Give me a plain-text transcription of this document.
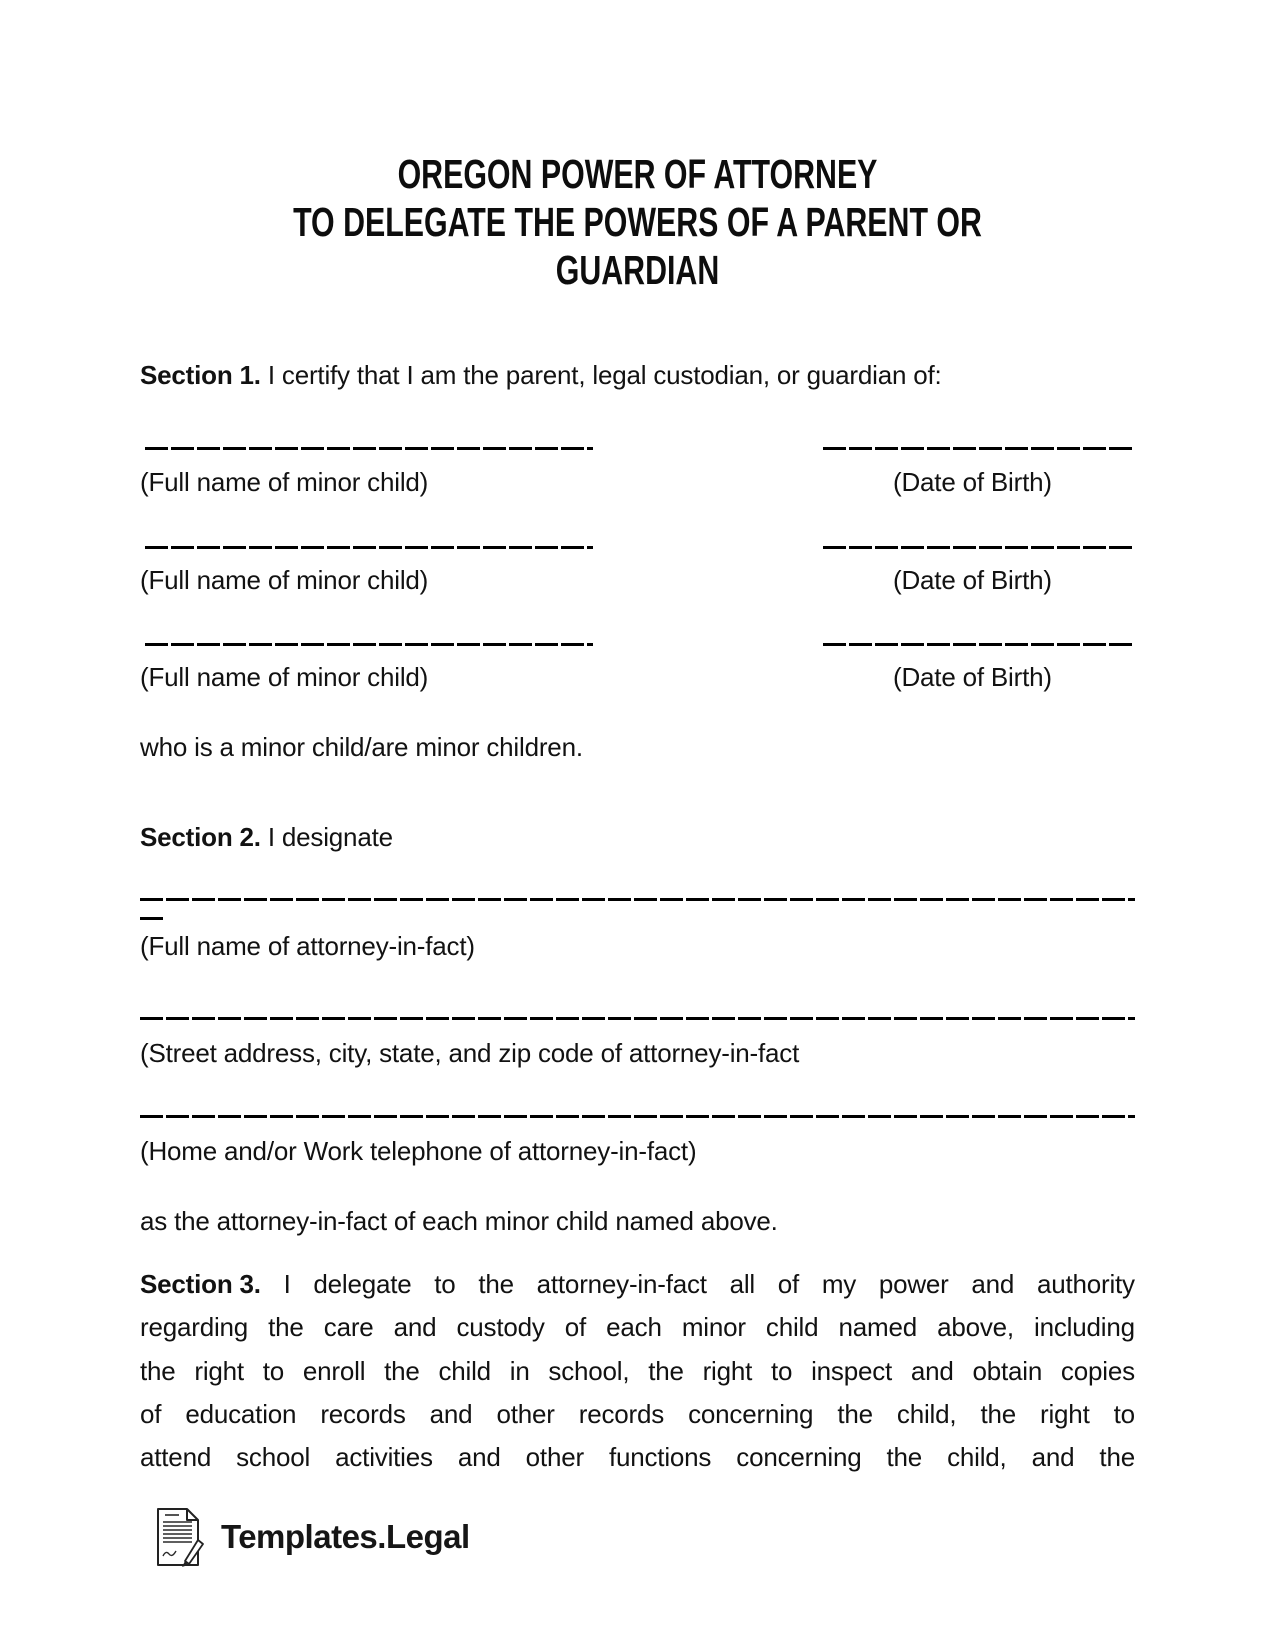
OREGON POWER OF ATTORNEY
TO DELEGATE THE POWERS OF A PARENT OR
GUARDIAN

Section 1. I certify that I am the parent, legal custodian, or guardian of:

(Full name of minor child)	(Date of Birth)

(Full name of minor child)	(Date of Birth)

(Full name of minor child)	(Date of Birth)

who is a minor child/are minor children.

Section 2. I designate

(Full name of attorney-in-fact)

(Street address, city, state, and zip code of attorney-in-fact

(Home and/or Work telephone of attorney-in-fact)

as the attorney-in-fact of each minor child named above.

Section 3. I delegate to the attorney-in-fact all of my power and authority
regarding the care and custody of each minor child named above, including
the right to enroll the child in school, the right to inspect and obtain copies
of education records and other records concerning the child, the right to
attend school activities and other functions concerning the child, and the
Templates.Legal
